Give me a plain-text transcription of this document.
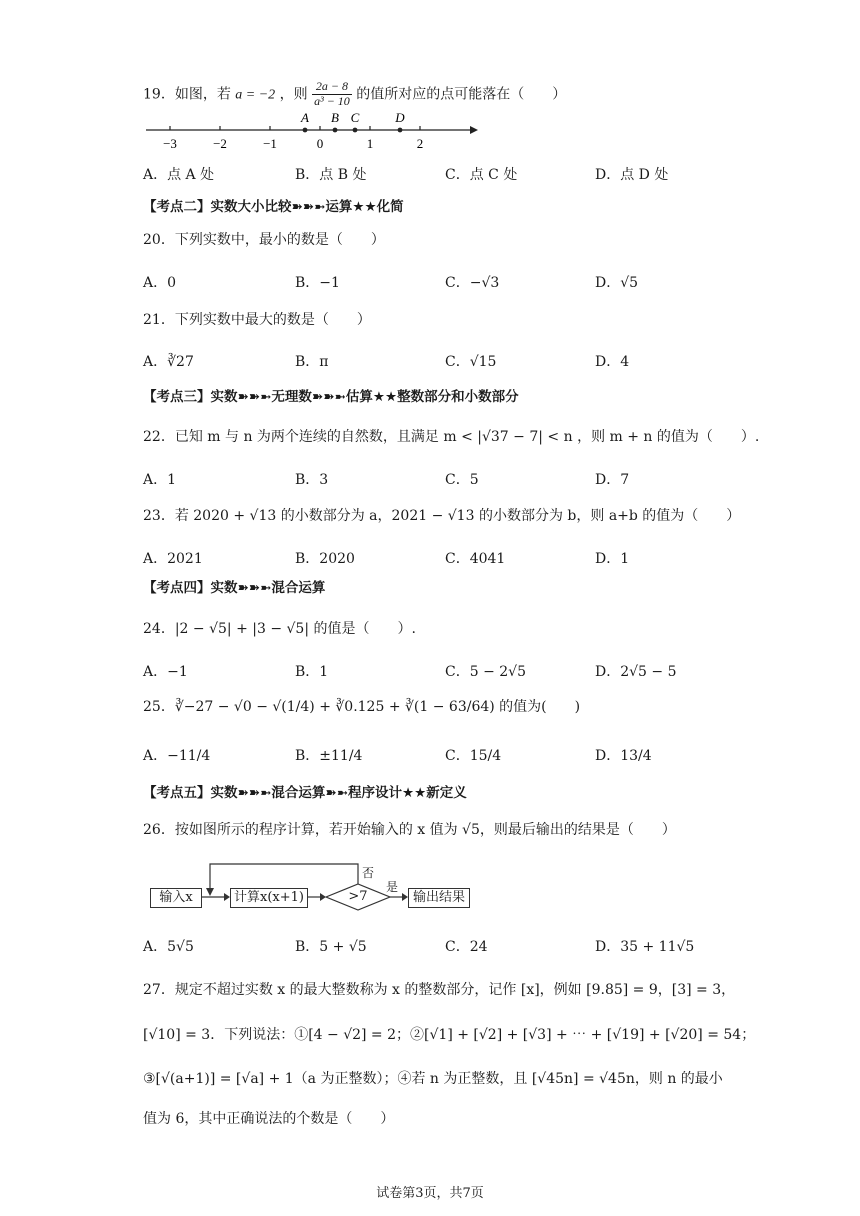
19．如图，若 a = −2 ，则 $\frac{2a - 8}{\text{a³ − 10}}$ 的值所对应的点可能落在（　　）
−3	−2	−1	0	1	2
A B C	D
A．点 A 处	B．点 B 处	C．点 C 处	D．点 D 处
【考点二】实数大小比较➽➽➼运算★★化简
20．下列实数中，最小的数是（　　）
A．0	B．−1	C．−√3	D．√5
21．下列实数中最大的数是（　　）
A．∛27	B．π	C．√15	D．4
【考点三】实数➽➽➼无理数➽➽➼估算★★整数部分和小数部分
22．已知 m 与 n 为两个连续的自然数，且满足 m < |√37 − 7| < n ，则 m + n 的值为（　　）.
A．1	B．3	C．5	D．7
23．若 2020 + √13 的小数部分为 a，2021 − √13 的小数部分为 b，则 a+b 的值为（　　）
A．2021	B．2020	C．4041	D．1
【考点四】实数➽➽➼混合运算
24．|2 − √5| + |3 − √5| 的值是（　　）.
A．−1	B．1	C．5 − 2√5	D．2√5 − 5
25．∛−27 − √0 − √(1/4) + ∛0.125 + ∛(1 − 63/64) 的值为(　　)
A．−11/4	B．±11/4	C．15/4	D．13/4
【考点五】实数➽➽➼混合运算➽➼程序设计★★新定义
26．按如图所示的程序计算，若开始输入的 x 值为 √5，则最后输出的结果是（　　）
输入x	计算x(x+1)	>7
否
是
输出结果
A．5√5	B．5 + √5	C．24	D．35 + 11√5
27．规定不超过实数 x 的最大整数称为 x 的整数部分，记作 [x]，例如 [9.85] = 9，[3] = 3，
[√10] = 3．下列说法：①[4 − √2] = 2；②[√1] + [√2] + [√3] + ⋯ + [√19] + [√20] = 54；
③[√(a+1)] = [√a] + 1（a 为正整数）；④若 n 为正整数，且 [√45n] = √45n，则 n 的最小
值为 6，其中正确说法的个数是（　　）
试卷第3页，共7页
